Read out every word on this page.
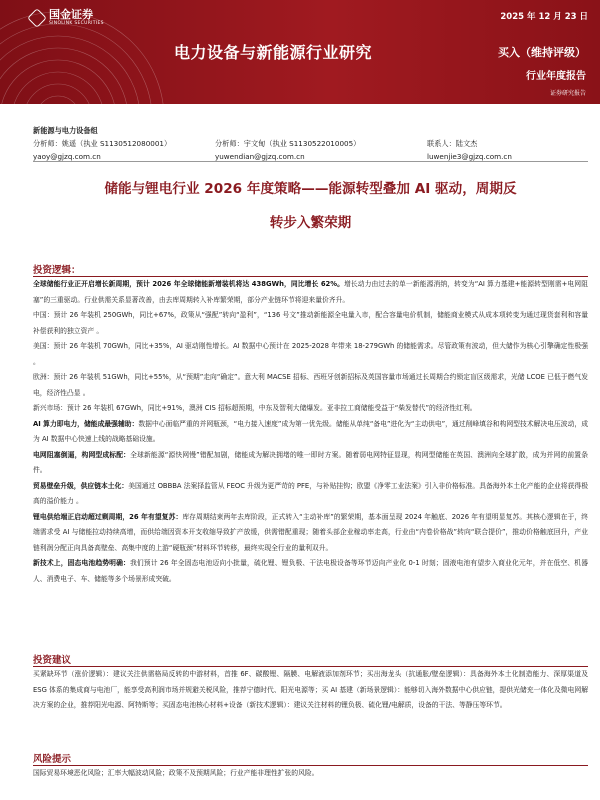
国金证券
SINOLINK SECURITIES
2025 年 12 月 23 日
电力设备与新能源行业研究	买入（维持评级）
行业年度报告
证券研究报告
新能源与电力设备组
分析师：姚遥（执业 S1130512080001）	分析师：宇文甸（执业 S1130522010005）	联系人：陆文杰
yaoy@gjzq.com.cn	yuwendian@gjzq.com.cn	luwenjie3@gjzq.com.cn
储能与锂电行业 2026 年度策略——能源转型叠加 AI 驱动，周期反
转步入繁荣期
投资逻辑：
全球储能行业正开启增长新周期，预计 2026 年全球储能新增装机将达 438GWh，同比增长 62%。增长动力由过去的单一新能源消纳，转变为“AI 算力基建+能源转型刚需+电网阻塞”的三重驱动。行业供需关系显著改善，由去库周期转入补库繁荣期，部分产业链环节将迎来量价齐升。
中国：预计 26 年装机 250GWh，同比+67%，政策从“强配”转向“盈利”，“136 号文”推动新能源全电量入市，配合容量电价机制，储能商业模式从成本项转变为通过现货套利和容量补偿获利的独立资产 。
美国：预计 26 年装机 70GWh，同比+35%，AI 驱动刚性增长。AI 数据中心预计在 2025-2028 年带来 18-279GWh 的储能需求。尽管政策有波动，但大储作为核心引擎确定性极强 。
欧洲：预计 26 年装机 51GWh，同比+55%，从“预期”走向“确定”。意大利 MACSE 招标、西班牙创新招标及英国容量市场通过长周期合约锁定盲区级需求，光储 LCOE 已低于燃气发电，经济性凸显 。
新兴市场：预计 26 年装机 67GWh，同比+91%，澳洲 CIS 招标超预期，中东及智利大储爆发。亚非拉工商储能受益于“柴发替代”的经济性红利。
AI 算力即电力，储能成最强辅助：数据中心面临严重的并网瓶颈，“电力接入速度”成为第一优先级。储能从单纯“备电”进化为“主动供电”，通过削峰填谷和构网型技术解决电压波动，成为 AI 数据中心快速上线的战略基础设施。
电网阻塞倒逼，构网型成标配：全球新能源“源快网慢”错配加剧，储能成为解决拥堵的唯一即时方案。随着弱电网特征显现，构网型储能在英国、澳洲向全球扩散，成为并网的前置条件。
贸易壁垒升级，供应链本土化：美国通过 OBBBA 法案择监管从 FEOC 升级为更严苛的 PFE，与补贴挂钩；欧盟《净零工业法案》引入非价格标准。具备海外本土化产能的企业将获得极高的溢价能力 。
锂电供给端正启动超过剩周期，26 年有望复苏：库存周期结束两年去库阶段，正式转入“主动补库”的繁荣期，基本面呈现 2024 年触底、2026 年有望明显复苏。其核心逻辑在于，终端需求受 AI 与储能拉动持续高增，而供给端因资本开支收缩导致扩产放缓，供需错配重现；随着头部企业稼动率走高，行业由“内卷价格战”转向“联合提价”，推动价格触底回升，产业链利润分配正向具备高壁垒、高集中度的上游“硬瓶颈”材料环节转移，最终实现全行业的量利双升。
新技术上，固态电池趋势明确：我们预计 26 年全固态电池迈向小批量，硫化锂、锂负极、干法电极设备等环节迈向产业化 0-1 时刻；固液电池有望步入商业化元年，并在低空、机器人、消费电子、车、储能等多个场景形成突破。
投资建议
买紧缺环节（涨价逻辑）：建议关注供需格局反转的中游材料，首推 6F、碳酸锂、隔膜、电解液添加剂环节；买出海龙头（抗通胀/壁垒逻辑）：具备海外本土化制造能力、深厚渠道及 ESG 体系的集成商与电池厂，能享受高利润市场并规避关税风险，推荐宁德时代、阳光电源等；买 AI 基建（新场景逻辑）：能够切入海外数据中心供应链，提供光储充一体化及微电网解决方案的企业，推荐阳光电源、阿特斯等；买固态电池核心材料+设备（新技术逻辑）：建议关注材料的锂负极、硫化锂/电解质，设备的干法、等静压等环节。
风险提示
国际贸易环境恶化风险；汇率大幅波动风险；政策不及预期风险；行业产能非理性扩张的风险。
